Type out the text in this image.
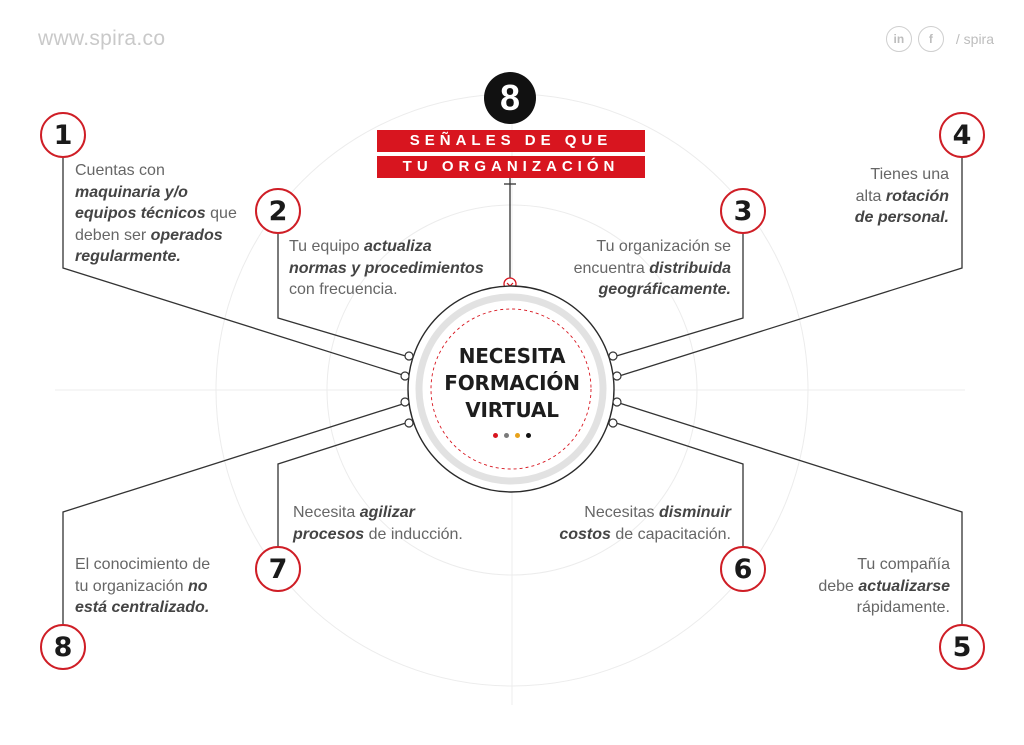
www.spira.co	in	f	/ spira
8
SEÑALES DE QUE
TU ORGANIZACIÓN
NECESITA
FORMACIÓN
VIRTUAL
1
2	3
4
5
6
7
8
Cuentas con
maquinaria y/o
equipos técnicos que
deben ser operados
regularmente.
Tu equipo actualiza
normas y procedimientos
con frecuencia.
Tu organización se
encuentra distribuida
geográficamente.
Tienes una
alta rotación
de personal.
Tu compañía
debe actualizarse
rápidamente.
Necesitas disminuir
costos de capacitación.
Necesita agilizar
procesos de inducción.
El conocimiento de
tu organización no
está centralizado.
